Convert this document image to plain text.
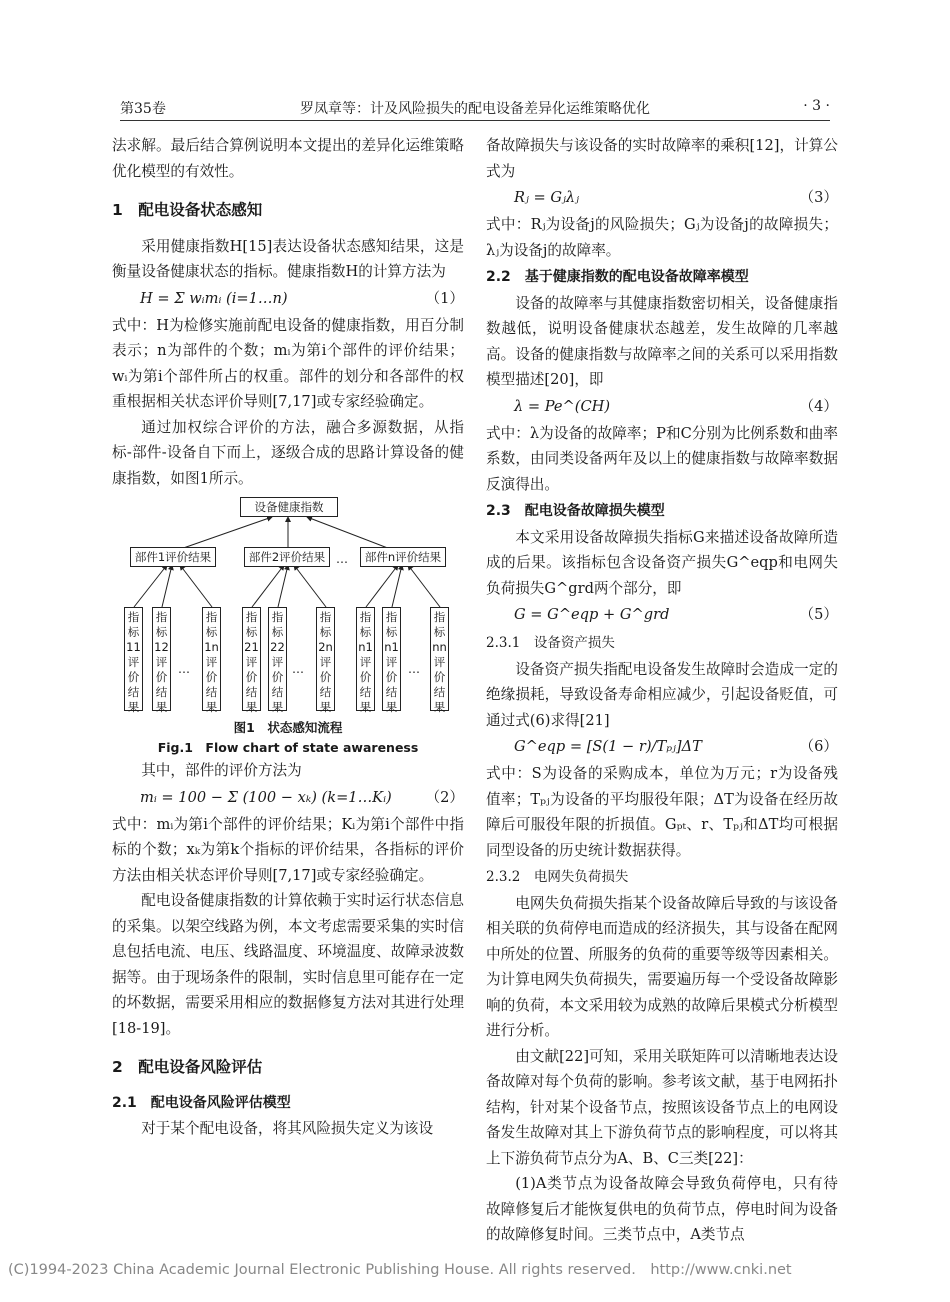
第35卷	罗凤章等：计及风险损失的配电设备差异化运维策略优化	· 3 ·

法求解。最后结合算例说明本文提出的差异化运维策略优化模型的有效性。

1　配电设备状态感知

采用健康指数H[15]表达设备状态感知结果，这是衡量设备健康状态的指标。健康指数H的计算方法为

H = Σ wᵢmᵢ (i=1…n)	（1）

式中：H为检修实施前配电设备的健康指数，用百分制表示；n为部件的个数；mᵢ为第i个部件的评价结果；wᵢ为第i个部件所占的权重。部件的划分和各部件的权重根据相关状态评价导则[7,17]或专家经验确定。

通过加权综合评价的方法，融合多源数据，从指标-部件-设备自下而上，逐级合成的思路计算设备的健康指数，如图1所示。

设备健康指数
部件1评价结果	部件2评价结果 …	部件n评价结果
指标11评价结果
指标12评价结果
…
指标1n评价结果
指标21评价结果
指标22评价结果
…
指标2n评价结果
指标n1评价结果
指标n1评价结果
…
指标nn评价结果
图1　状态感知流程
Fig.1　Flow chart of state awareness

其中，部件的评价方法为

mᵢ = 100 − Σ (100 − xₖ) (k=1…Kᵢ) （2）

式中：mᵢ为第i个部件的评价结果；Kᵢ为第i个部件中指标的个数；xₖ为第k个指标的评价结果，各指标的评价方法由相关状态评价导则[7,17]或专家经验确定。

配电设备健康指数的计算依赖于实时运行状态信息的采集。以架空线路为例，本文考虑需要采集的实时信息包括电流、电压、线路温度、环境温度、故障录波数据等。由于现场条件的限制，实时信息里可能存在一定的坏数据，需要采用相应的数据修复方法对其进行处理[18-19]。

2　配电设备风险评估
2.1　配电设备风险评估模型

对于某个配电设备，将其风险损失定义为该设

备故障损失与该设备的实时故障率的乘积[12]，计算公式为

Rⱼ = Gⱼλⱼ	（3）

式中：Rⱼ为设备j的风险损失；Gⱼ为设备j的故障损失；λⱼ为设备j的故障率。

2.2　基于健康指数的配电设备故障率模型

设备的故障率与其健康指数密切相关，设备健康指数越低，说明设备健康状态越差，发生故障的几率越高。设备的健康指数与故障率之间的关系可以采用指数模型描述[20]，即

λ = Pe^(CH)	（4）

式中：λ为设备的故障率；P和C分别为比例系数和曲率系数，由同类设备两年及以上的健康指数与故障率数据反演得出。

2.3　配电设备故障损失模型

本文采用设备故障损失指标G来描述设备故障所造成的后果。该指标包含设备资产损失G^eqp和电网失负荷损失G^grd两个部分，即

G = G^eqp + G^grd	（5）
2.3.1　设备资产损失

设备资产损失指配电设备发生故障时会造成一定的绝缘损耗，导致设备寿命相应减少，引起设备贬值，可通过式(6)求得[21]

G^eqp = [S(1 − r)/Tₚⱼ]ΔT	（6）

式中：S为设备的采购成本，单位为万元；r为设备残值率；Tₚⱼ为设备的平均服役年限；ΔT为设备在经历故障后可服役年限的折损值。Gₚₜ、r、Tₚⱼ和ΔT均可根据同型设备的历史统计数据获得。

2.3.2　电网失负荷损失

电网失负荷损失指某个设备故障后导致的与该设备相关联的负荷停电而造成的经济损失，其与设备在配网中所处的位置、所服务的负荷的重要等级等因素相关。为计算电网失负荷损失，需要遍历每一个受设备故障影响的负荷，本文采用较为成熟的故障后果模式分析模型进行分析。

由文献[22]可知，采用关联矩阵可以清晰地表达设备故障对每个负荷的影响。参考该文献，基于电网拓扑结构，针对某个设备节点，按照该设备节点上的电网设备发生故障对其上下游负荷节点的影响程度，可以将其上下游负荷节点分为A、B、C三类[22]：

(1)A类节点为设备故障会导致负荷停电，只有待故障修复后才能恢复供电的负荷节点，停电时间为设备的故障修复时间。三类节点中，A类节点

(C)1994-2023 China Academic Journal Electronic Publishing House. All rights reserved.　http://www.cnki.net
